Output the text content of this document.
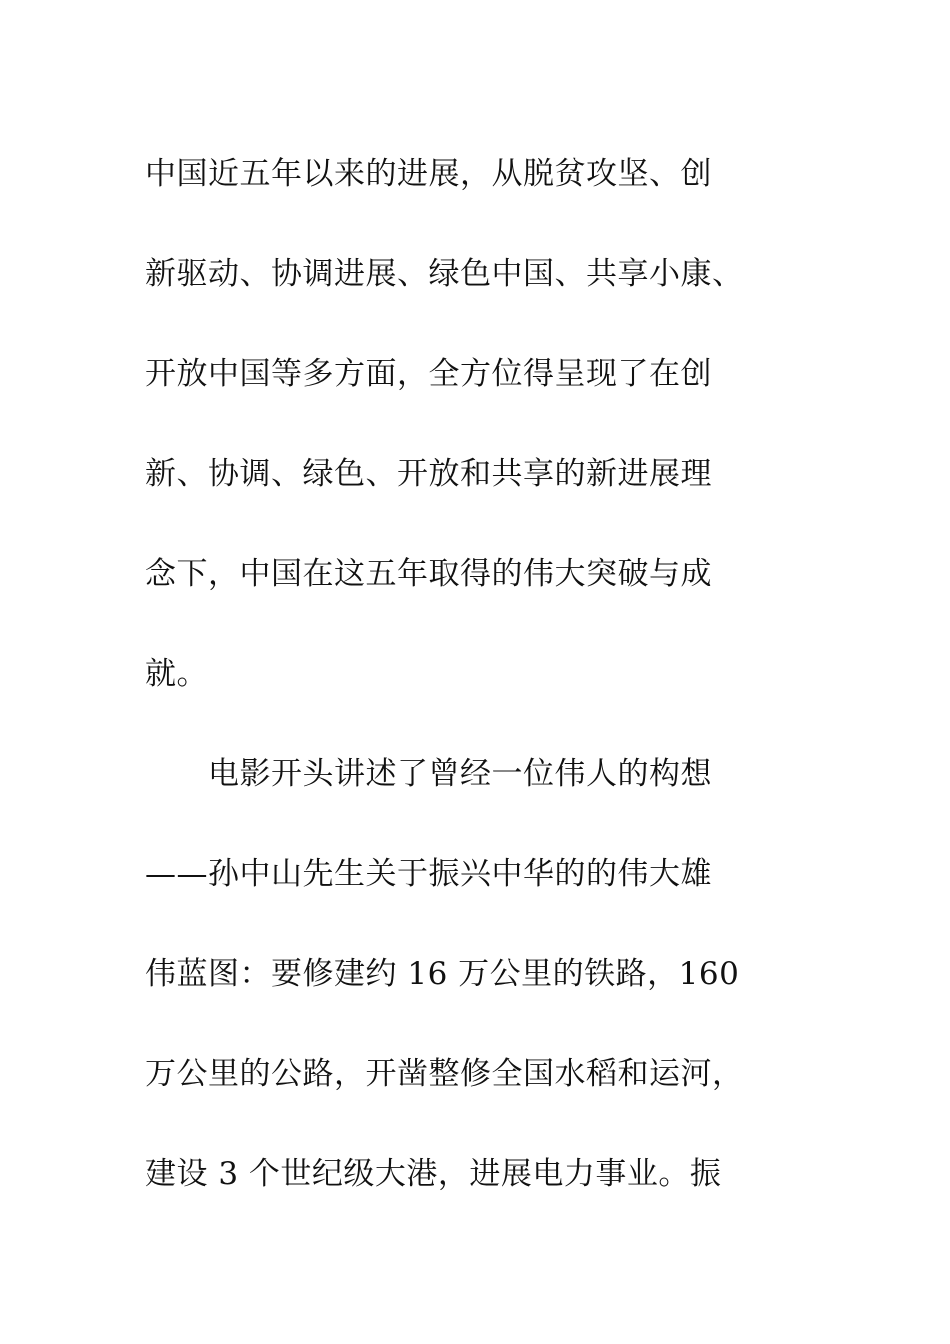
中国近五年以来的进展，从脱贫攻坚、创
新驱动、协调进展、绿色中国、共享小康、
开放中国等多方面，全方位得呈现了在创
新、协调、绿色、开放和共享的新进展理
念下，中国在这五年取得的伟大突破与成
就。
　　电影开头讲述了曾经一位伟人的构想
——孙中山先生关于振兴中华的的伟大雄
伟蓝图：要修建约 16 万公里的铁路，160
万公里的公路，开凿整修全国水稻和运河，
建设 3 个世纪级大港，进展电力事业。振
